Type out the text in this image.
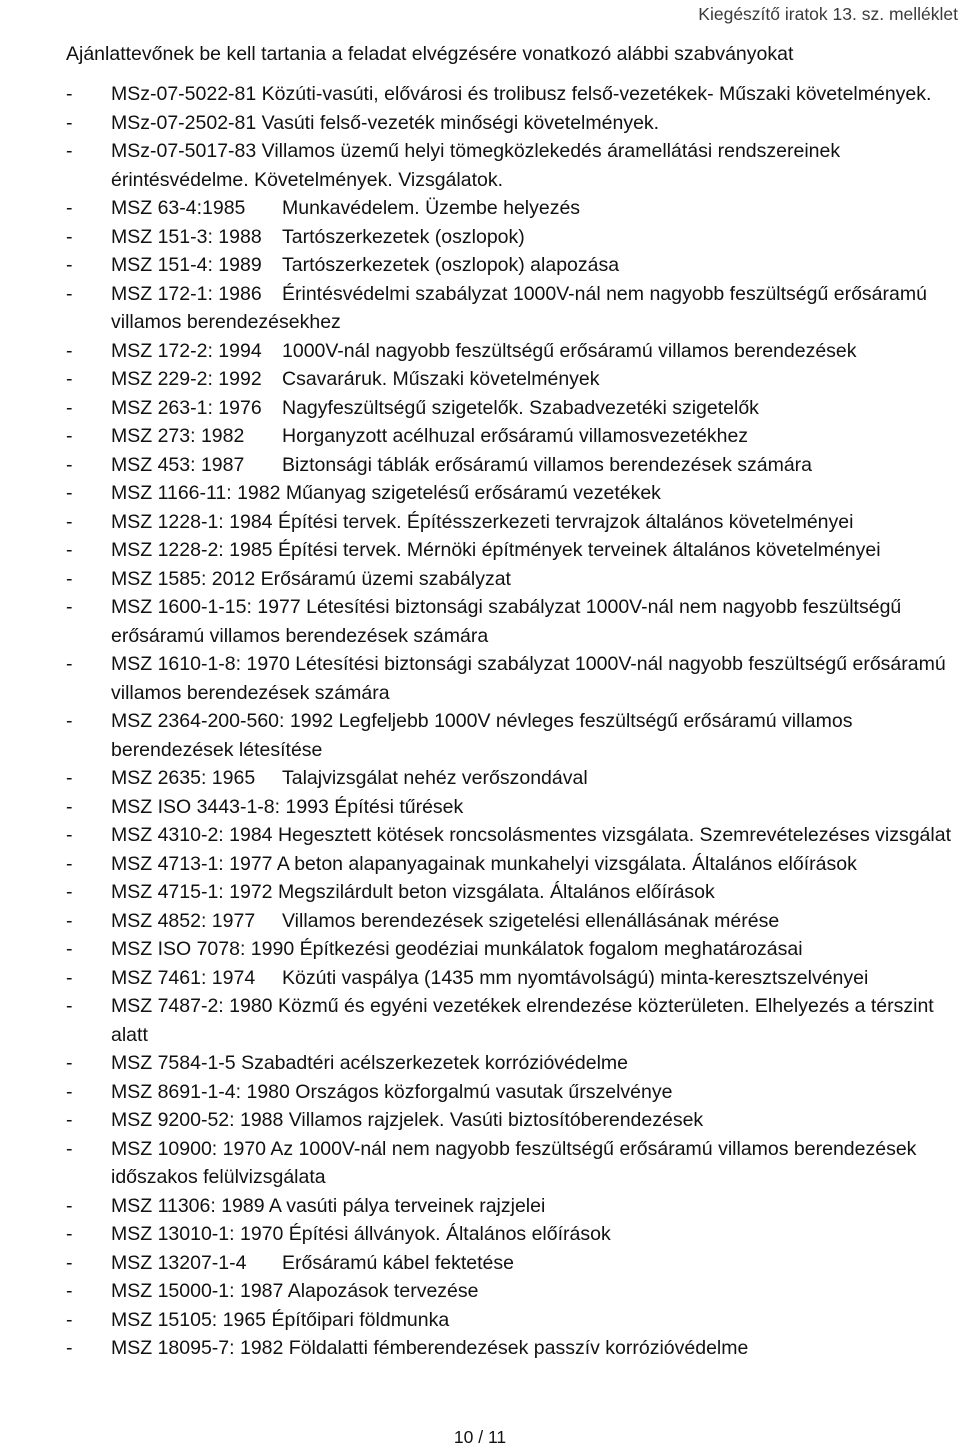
Kiegészítő iratok 13. sz. melléklet
Ajánlattevőnek be kell tartania a feladat elvégzésére vonatkozó alábbi szabványokat
- MSz-07-5022-81 Közúti-vasúti, elővárosi és trolibusz felső-vezetékek- Műszaki követelmények.
- MSz-07-2502-81 Vasúti felső-vezeték minőségi követelmények.
- MSz-07-5017-83 Villamos üzemű helyi tömegközlekedés áramellátási rendszereinek érintésvédelme. Követelmények. Vizsgálatok.
- MSZ 63-4:1985 Munkavédelem. Üzembe helyezés
- MSZ 151-3: 1988 Tartószerkezetek (oszlopok)
- MSZ 151-4: 1989 Tartószerkezetek (oszlopok) alapozása
- MSZ 172-1: 1986 Érintésvédelmi szabályzat 1000V-nál nem nagyobb feszültségű erősáramú villamos berendezésekhez
- MSZ 172-2: 1994 1000V-nál nagyobb feszültségű erősáramú villamos berendezések
- MSZ 229-2: 1992 Csavaráruk. Műszaki követelmények
- MSZ 263-1: 1976 Nagyfeszültségű szigetelők. Szabadvezetéki szigetelők
- MSZ 273: 1982 Horganyzott acélhuzal erősáramú villamosvezetékhez
- MSZ 453: 1987 Biztonsági táblák erősáramú villamos berendezések számára
- MSZ 1166-11: 1982 Műanyag szigetelésű erősáramú vezetékek
- MSZ 1228-1: 1984 Építési tervek. Építésszerkezeti tervrajzok általános követelményei
- MSZ 1228-2: 1985 Építési tervek. Mérnöki építmények terveinek általános követelményei
- MSZ 1585: 2012 Erősáramú üzemi szabályzat
- MSZ 1600-1-15: 1977 Létesítési biztonsági szabályzat 1000V-nál nem nagyobb feszültségű erősáramú villamos berendezések számára
- MSZ 1610-1-8: 1970 Létesítési biztonsági szabályzat 1000V-nál nagyobb feszültségű erősáramú villamos berendezések számára
- MSZ 2364-200-560: 1992 Legfeljebb 1000V névleges feszültségű erősáramú villamos berendezések létesítése
- MSZ 2635: 1965 Talajvizsgálat nehéz verőszondával
- MSZ ISO 3443-1-8: 1993 Építési tűrések
- MSZ 4310-2: 1984 Hegesztett kötések roncsolásmentes vizsgálata. Szemrevételezéses vizsgálat
- MSZ 4713-1: 1977 A beton alapanyagainak munkahelyi vizsgálata. Általános előírások
- MSZ 4715-1: 1972 Megszilárdult beton vizsgálata. Általános előírások
- MSZ 4852: 1977 Villamos berendezések szigetelési ellenállásának mérése
- MSZ ISO 7078: 1990 Építkezési geodéziai munkálatok fogalom meghatározásai
- MSZ 7461: 1974 Közúti vaspálya (1435 mm nyomtávolságú) minta-keresztszelvényei
- MSZ 7487-2: 1980 Közmű és egyéni vezetékek elrendezése közterületen. Elhelyezés a térszint alatt
- MSZ 7584-1-5 Szabadtéri acélszerkezetek korrózióvédelme
- MSZ 8691-1-4: 1980 Országos közforgalmú vasutak űrszelvénye
- MSZ 9200-52: 1988 Villamos rajzjelek. Vasúti biztosítóberendezések
- MSZ 10900: 1970 Az 1000V-nál nem nagyobb feszültségű erősáramú villamos berendezések időszakos felülvizsgálata
- MSZ 11306: 1989 A vasúti pálya terveinek rajzjelei
- MSZ 13010-1: 1970 Építési állványok. Általános előírások
- MSZ 13207-1-4 Erősáramú kábel fektetése
- MSZ 15000-1: 1987 Alapozások tervezése
- MSZ 15105: 1965 Építőipari földmunka
- MSZ 18095-7: 1982 Földalatti fémberendezések passzív korrózióvédelme
10 / 11
